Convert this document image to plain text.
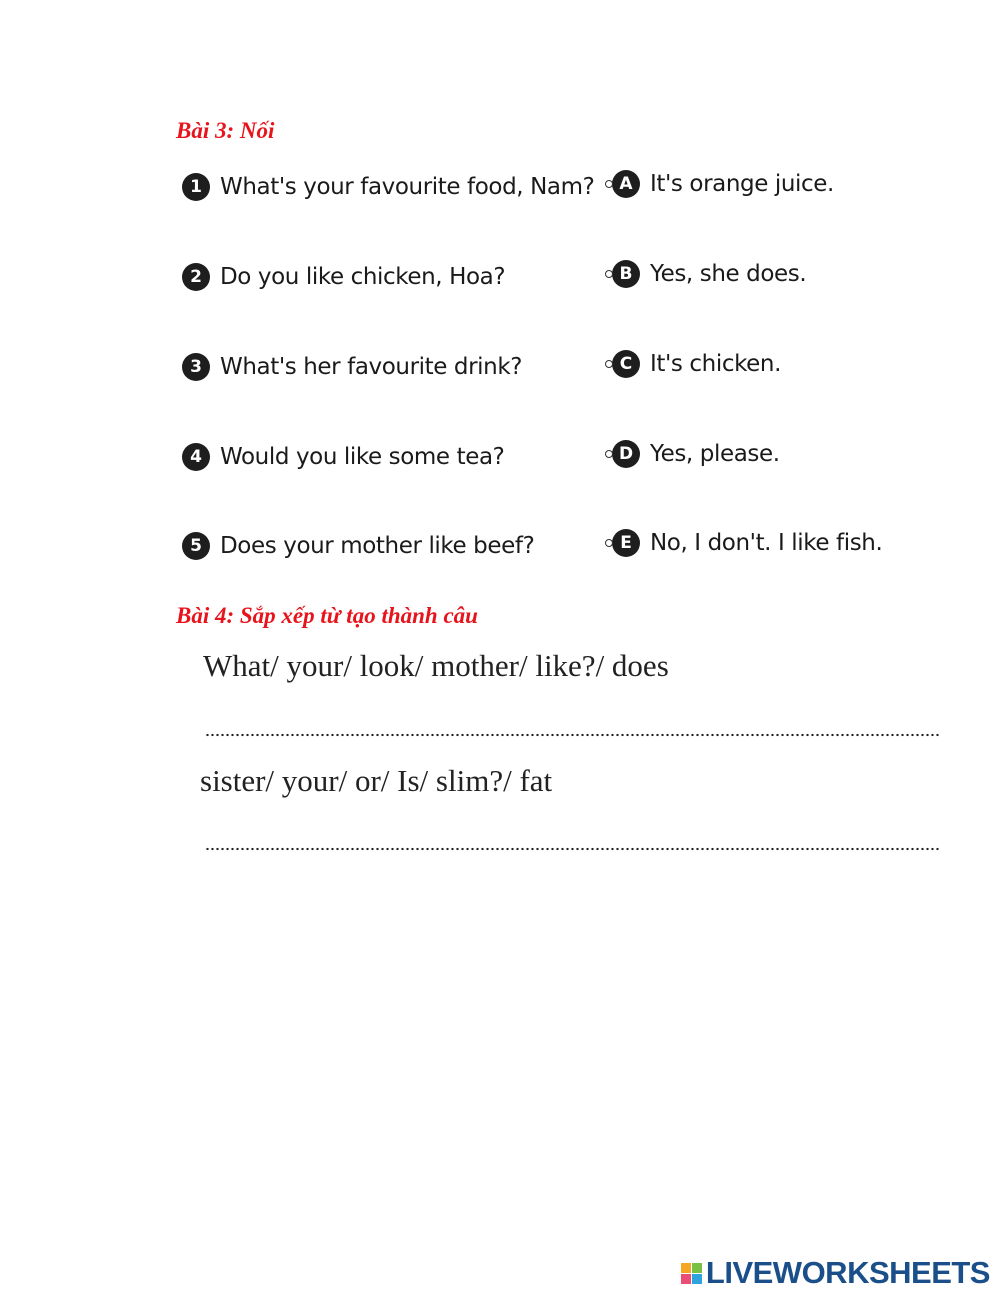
Bài 3: Nối
1 What's your favourite food, Nam?	A It's orange juice.
2 Do you like chicken, Hoa?	B Yes, she does.
3 What's her favourite drink?	C It's chicken.
4 Would you like some tea?	D Yes, please.
5 Does your mother like beef?	E No, I don't. I like fish.
Bài 4: Sắp xếp từ tạo thành câu

What/ your/ look/ mother/ like?/ does

sister/ your/ or/ Is/ slim?/ fat

LIVEWORKSHEETS
